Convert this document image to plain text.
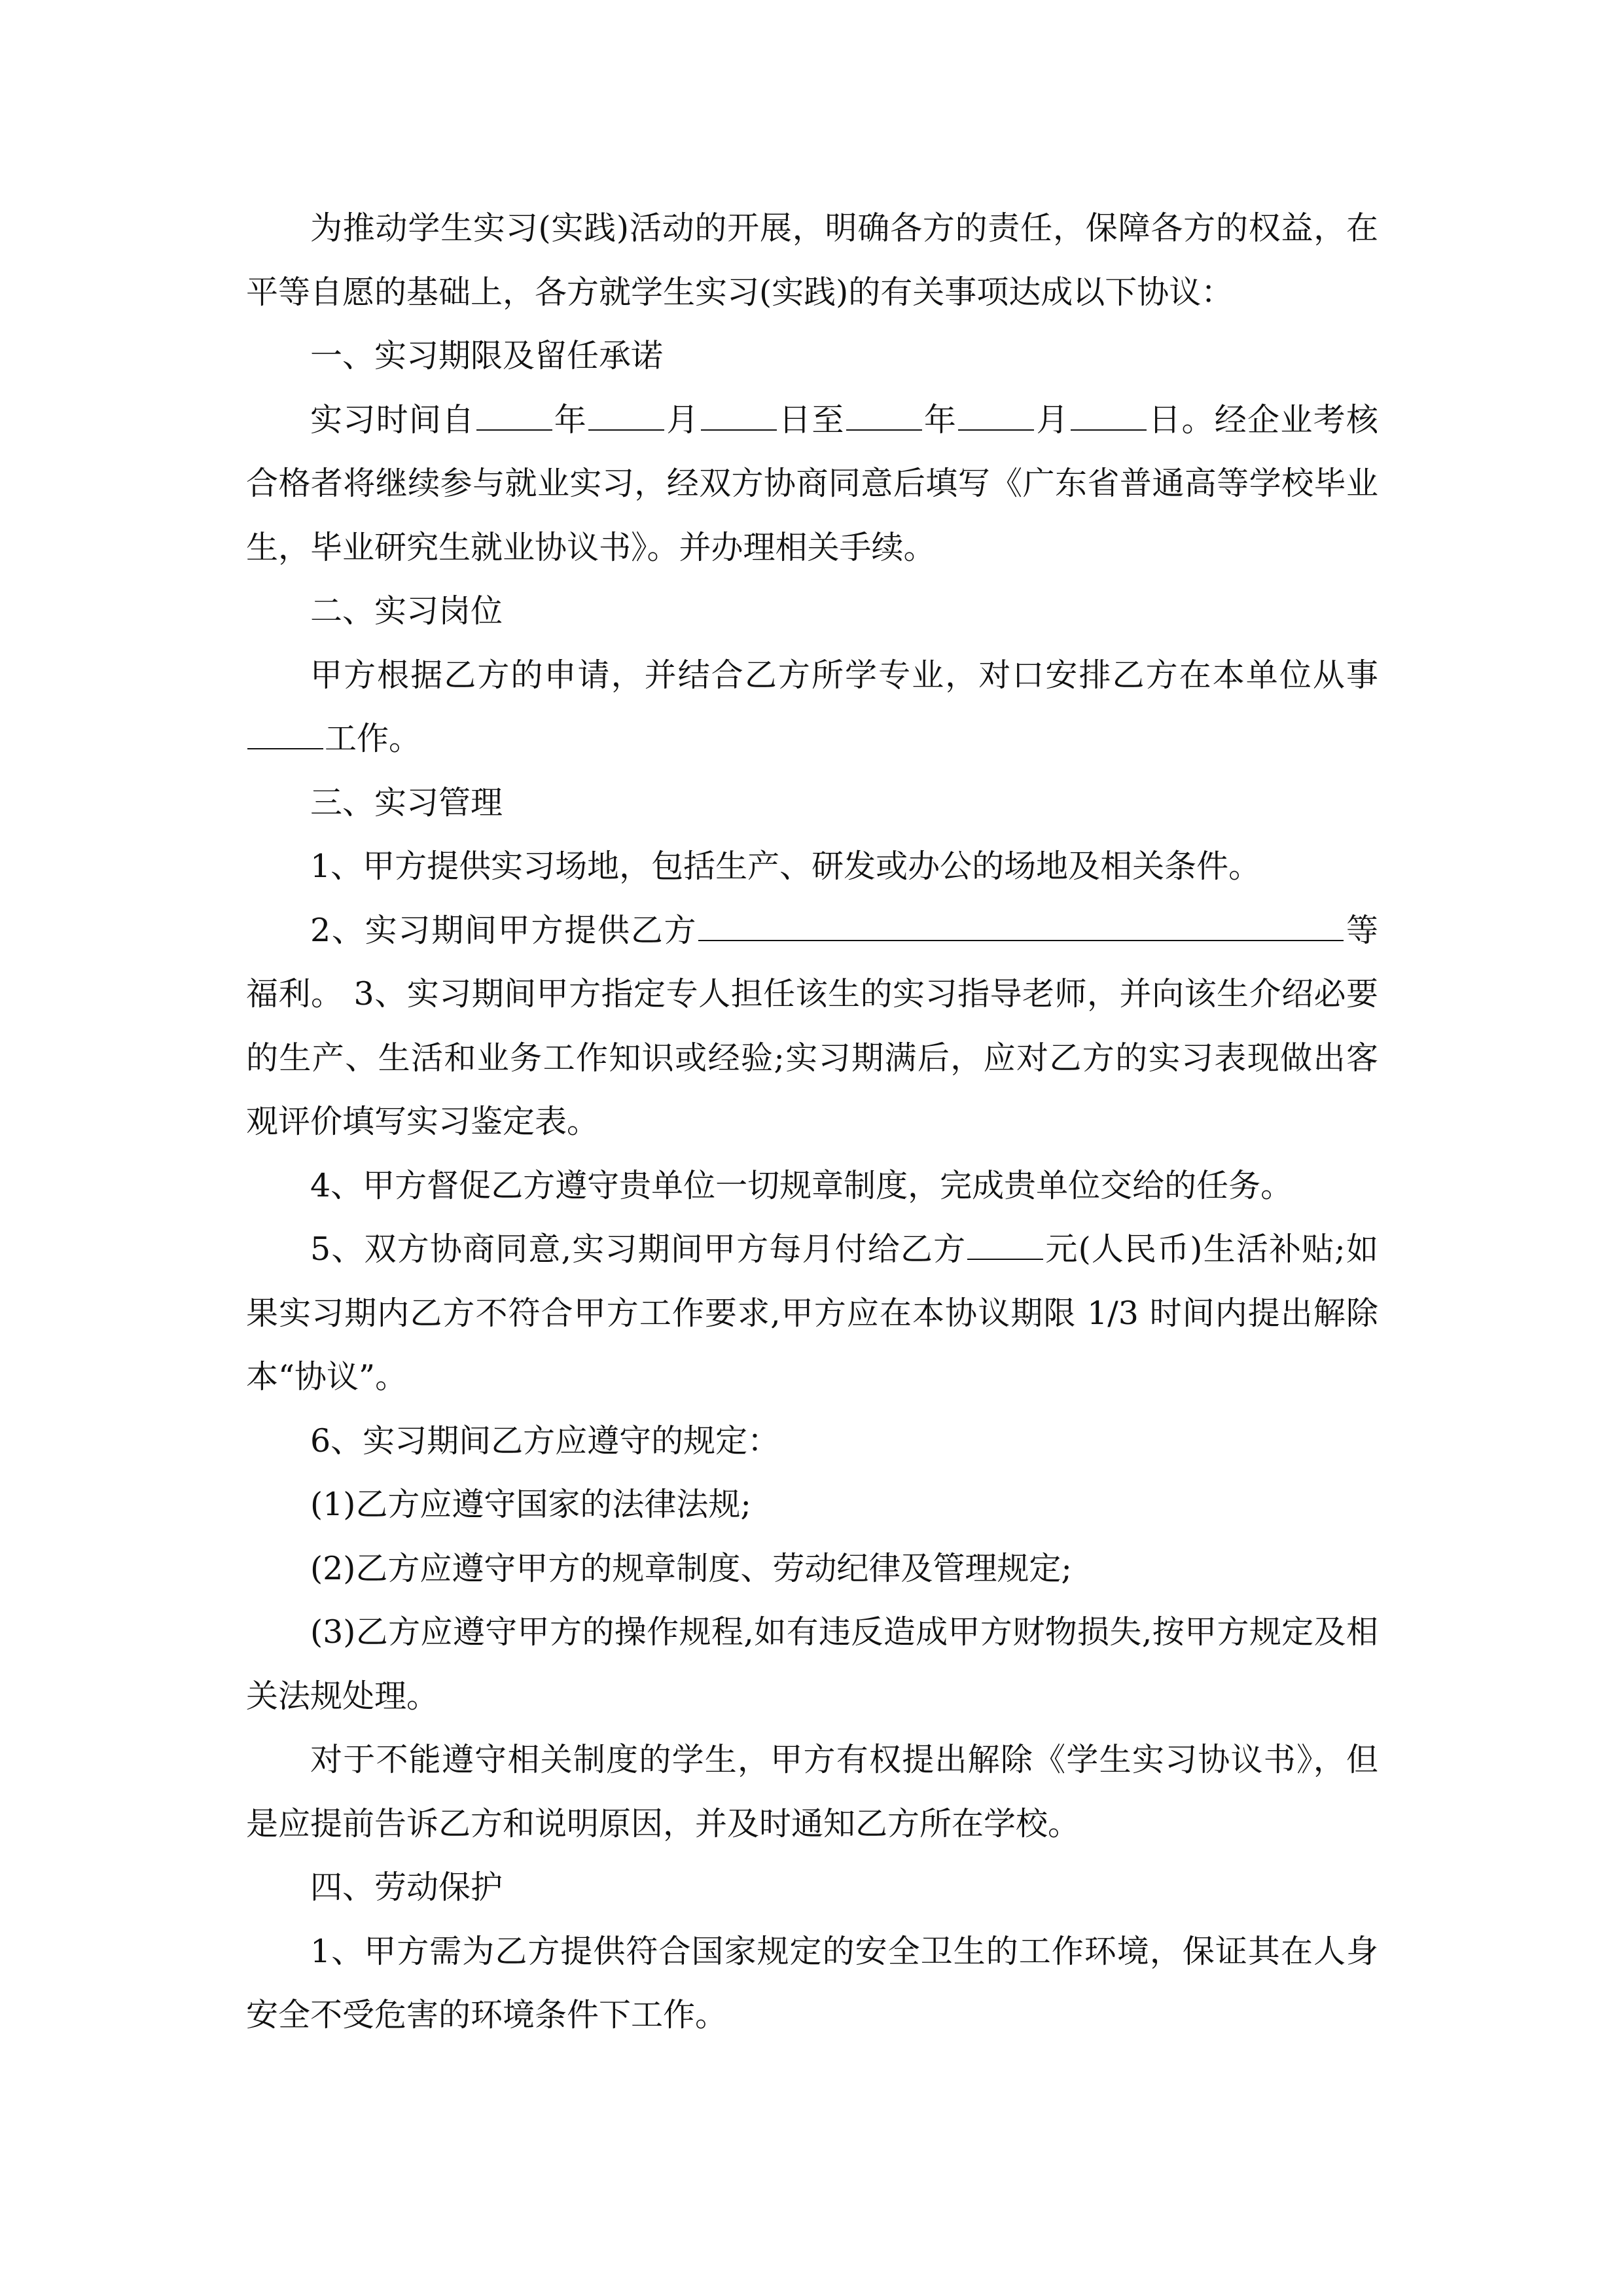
为推动学生实习(实践)活动的开展，明确各方的责任，保障各方的权益，在平等自愿的基础上，各方就学生实习(实践)的有关事项达成以下协议：

一、实习期限及留任承诺

实习时间自 年 月 日至 年 月 日。经企业考核合格者将继续参与就业实习，经双方协商同意后填写《广东省普通高等学校毕业生，毕业研究生就业协议书》。并办理相关手续。

二、实习岗位

甲方根据乙方的申请，并结合乙方所学专业，对口安排乙方在本单位从事工作。

三、实习管理

1、甲方提供实习场地，包括生产、研发或办公的场地及相关条件。

2、实习期间甲方提供乙方	等福利。 3、实习期间甲方指定专人担任该生的实习指导老师，并向该生介绍必要的生产、生活和业务工作知识或经验;实习期满后，应对乙方的实习表现做出客观评价填写实习鉴定表。

4、甲方督促乙方遵守贵单位一切规章制度，完成贵单位交给的任务。

5、双方协商同意,实习期间甲方每月付给乙方 元(人民币)生活补贴;如果实习期内乙方不符合甲方工作要求,甲方应在本协议期限 1/3 时间内提出解除本“协议”。

6、实习期间乙方应遵守的规定：

(1)乙方应遵守国家的法律法规;

(2)乙方应遵守甲方的规章制度、劳动纪律及管理规定;

(3)乙方应遵守甲方的操作规程,如有违反造成甲方财物损失,按甲方规定及相关法规处理。

对于不能遵守相关制度的学生，甲方有权提出解除《学生实习协议书》，但是应提前告诉乙方和说明原因，并及时通知乙方所在学校。

四、劳动保护

1、甲方需为乙方提供符合国家规定的安全卫生的工作环境，保证其在人身安全不受危害的环境条件下工作。
